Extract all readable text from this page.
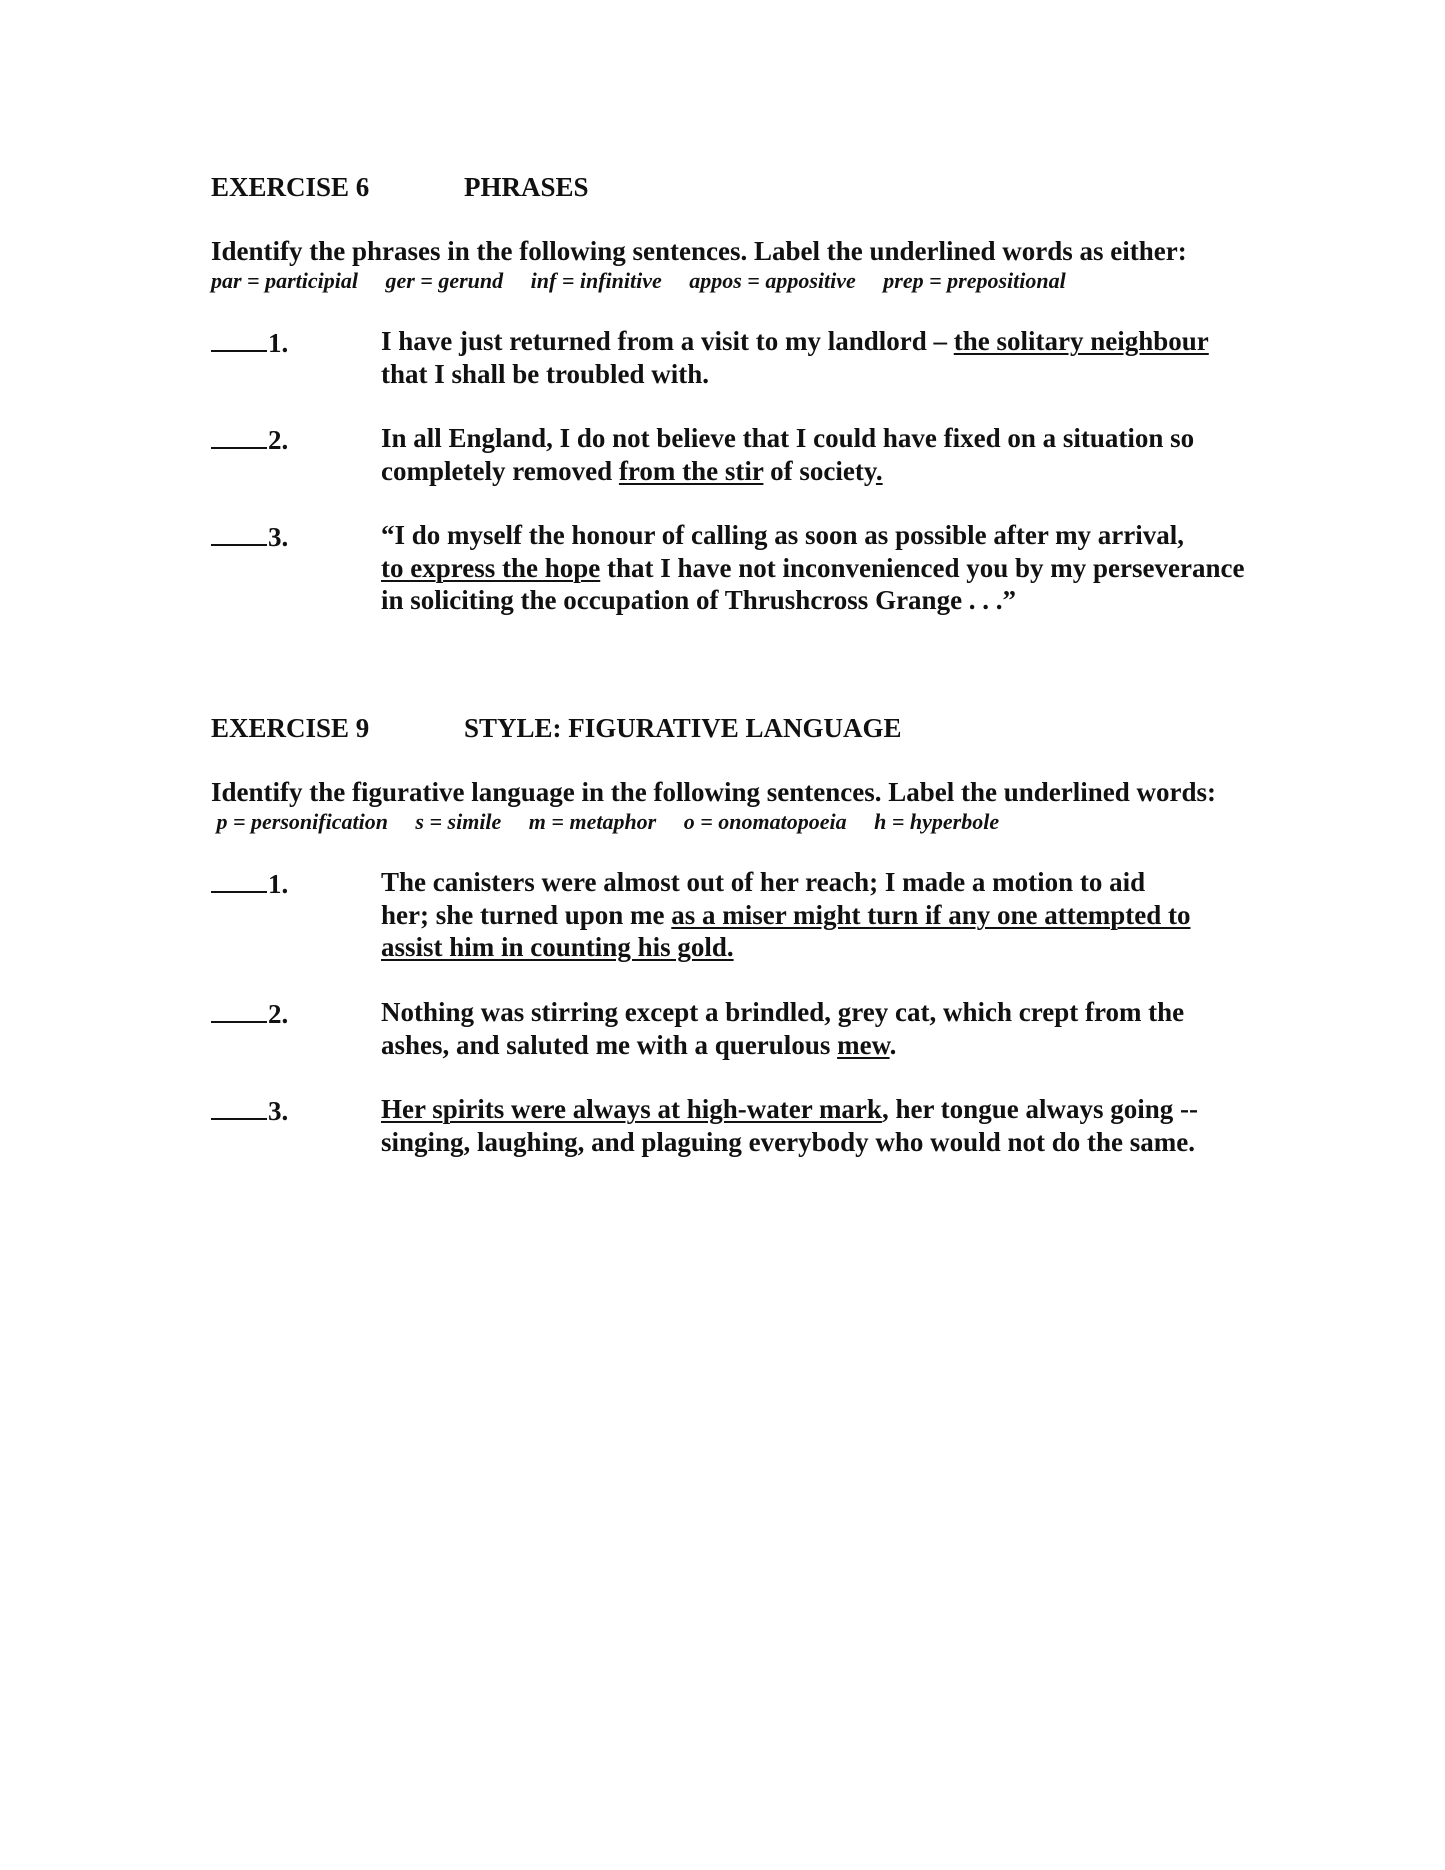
EXERCISE 6	PHRASES
Identify the phrases in the following sentences. Label the underlined words as either:
par = participial     ger = gerund     inf = infinitive     appos = appositive     prep = prepositional
1.	I have just returned from a visit to my landlord – the solitary neighbour
that I shall be troubled with.
2.	In all England, I do not believe that I could have fixed on a situation so
completely removed from the stir of society.
3.	“I do myself the honour of calling as soon as possible after my arrival,
to express the hope that I have not inconvenienced you by my perseverance
in soliciting the occupation of Thrushcross Grange . . .”
EXERCISE 9	STYLE: FIGURATIVE LANGUAGE
Identify the figurative language in the following sentences. Label the underlined words:
p = personification     s = simile     m = metaphor     o = onomatopoeia     h = hyperbole
1.	The canisters were almost out of her reach; I made a motion to aid
her; she turned upon me as a miser might turn if any one attempted to
assist him in counting his gold.
2.	Nothing was stirring except a brindled, grey cat, which crept from the
ashes, and saluted me with a querulous mew.
3.	Her spirits were always at high-water mark, her tongue always going --
singing, laughing, and plaguing everybody who would not do the same.
